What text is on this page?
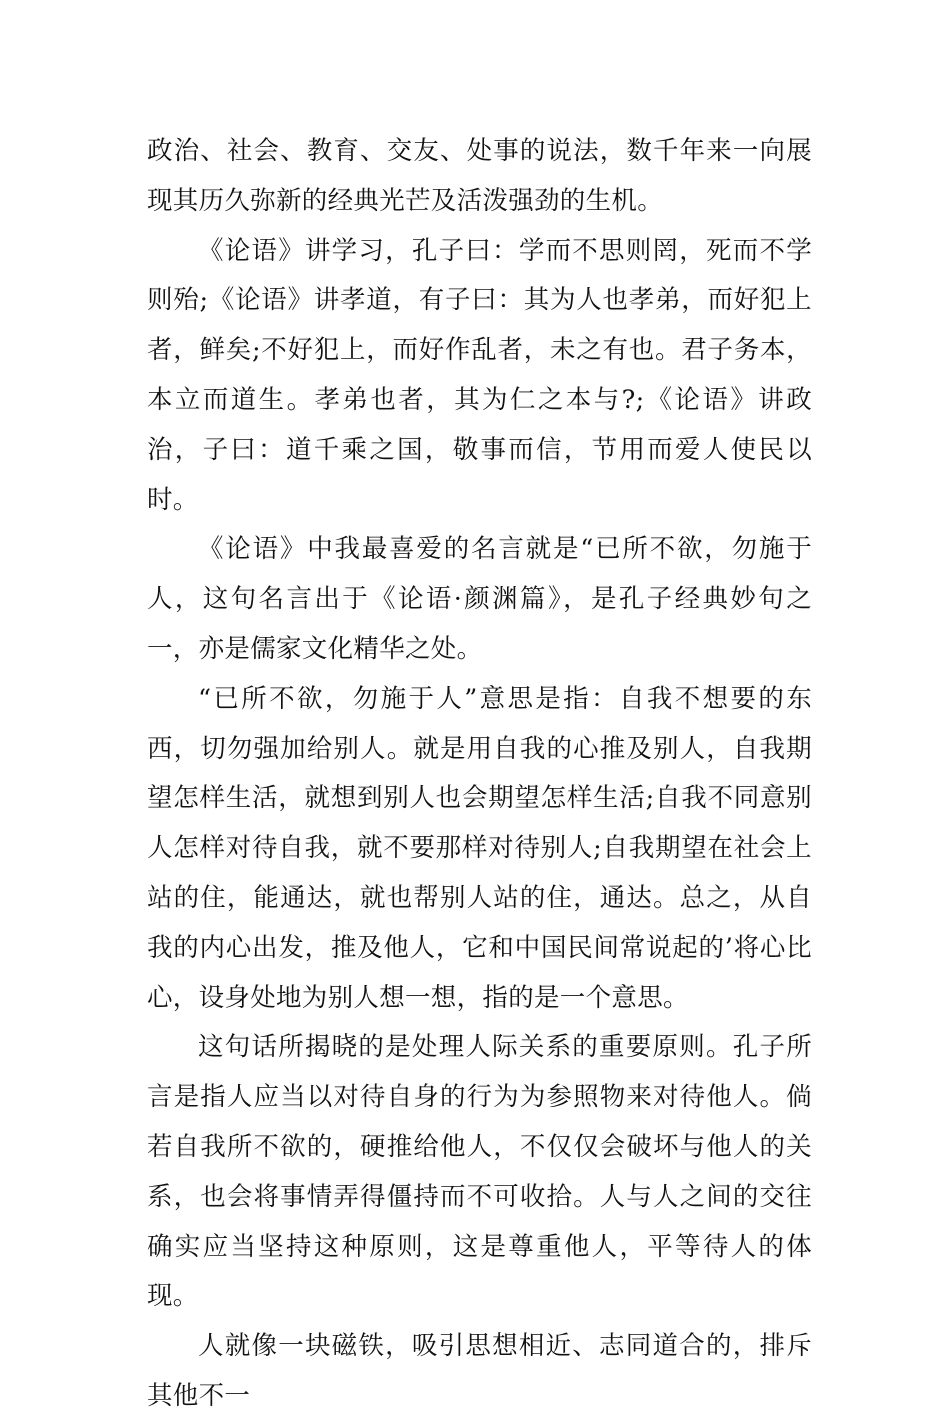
政治、社会、教育、交友、处事的说法，数千年来一向展现其历久弥新的经典光芒及活泼强劲的生机。

《论语》讲学习，孔子曰：学而不思则罔，死而不学则殆;《论语》讲孝道，有子曰：其为人也孝弟，而好犯上者，鲜矣;不好犯上，而好作乱者，未之有也。君子务本，本立而道生。孝弟也者，其为仁之本与?;《论语》讲政治，子曰：道千乘之国，敬事而信，节用而爱人使民以时。

《论语》中我最喜爱的名言就是“已所不欲，勿施于人，这句名言出于《论语·颜渊篇》，是孔子经典妙句之一，亦是儒家文化精华之处。

“已所不欲，勿施于人”意思是指：自我不想要的东西，切勿强加给别人。就是用自我的心推及别人，自我期望怎样生活，就想到别人也会期望怎样生活;自我不同意别人怎样对待自我，就不要那样对待别人;自我期望在社会上站的住，能通达，就也帮别人站的住，通达。总之，从自我的内心出发，推及他人，它和中国民间常说起的’将心比心，设身处地为别人想一想，指的是一个意思。

这句话所揭晓的是处理人际关系的重要原则。孔子所言是指人应当以对待自身的行为为参照物来对待他人。倘若自我所不欲的，硬推给他人，不仅仅会破坏与他人的关系，也会将事情弄得僵持而不可收拾。人与人之间的交往确实应当坚持这种原则，这是尊重他人，平等待人的体现。

人就像一块磁铁，吸引思想相近、志同道合的，排斥其他不一
